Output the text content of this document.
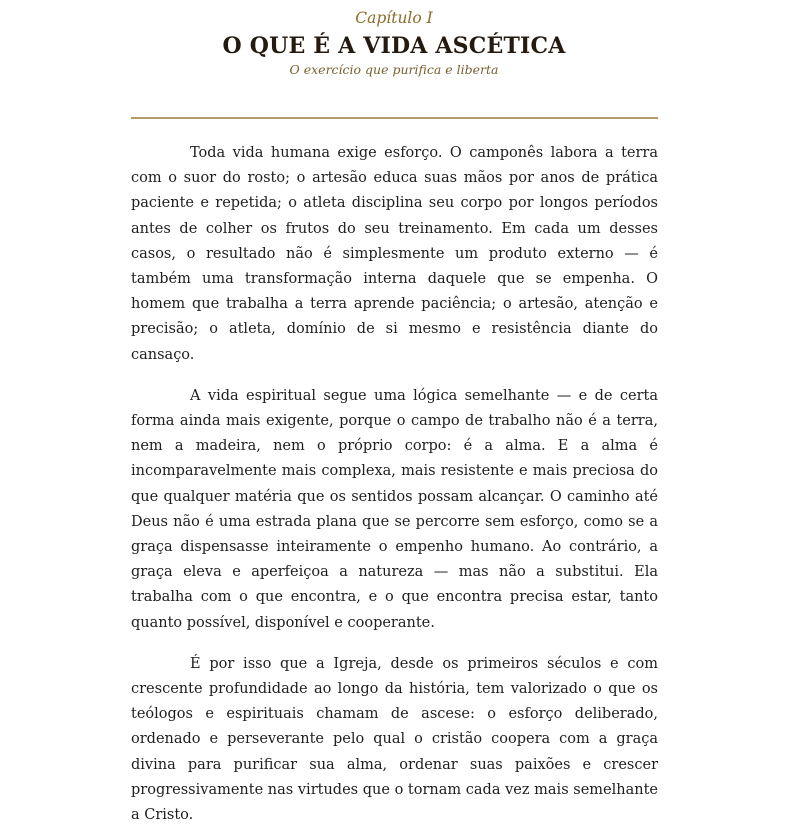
Capítulo I
O QUE É A VIDA ASCÉTICA
O exercício que purifica e liberta

Toda vida humana exige esforço. O camponês labora a terra com o suor do rosto; o artesão educa suas mãos por anos de prática paciente e repetida; o atleta disciplina seu corpo por longos períodos antes de colher os frutos do seu treinamento. Em cada um desses casos, o resultado não é simplesmente um produto externo — é também uma transformação interna daquele que se empenha. O homem que trabalha a terra aprende paciência; o artesão, atenção e precisão; o atleta, domínio de si mesmo e resistência diante do cansaço.

A vida espiritual segue uma lógica semelhante — e de certa forma ainda mais exigente, porque o campo de trabalho não é a terra, nem a madeira, nem o próprio corpo: é a alma. E a alma é incomparavelmente mais complexa, mais resistente e mais preciosa do que qualquer matéria que os sentidos possam alcançar. O caminho até Deus não é uma estrada plana que se percorre sem esforço, como se a graça dispensasse inteiramente o empenho humano. Ao contrário, a graça eleva e aperfeiçoa a natureza — mas não a substitui. Ela trabalha com o que encontra, e o que encontra precisa estar, tanto quanto possível, disponível e cooperante.

É por isso que a Igreja, desde os primeiros séculos e com crescente profundidade ao longo da história, tem valorizado o que os teólogos e espirituais chamam de ascese: o esforço deliberado, ordenado e perseverante pelo qual o cristão coopera com a graça divina para purificar sua alma, ordenar suas paixões e crescer progressivamente nas virtudes que o tornam cada vez mais semelhante a Cristo.
